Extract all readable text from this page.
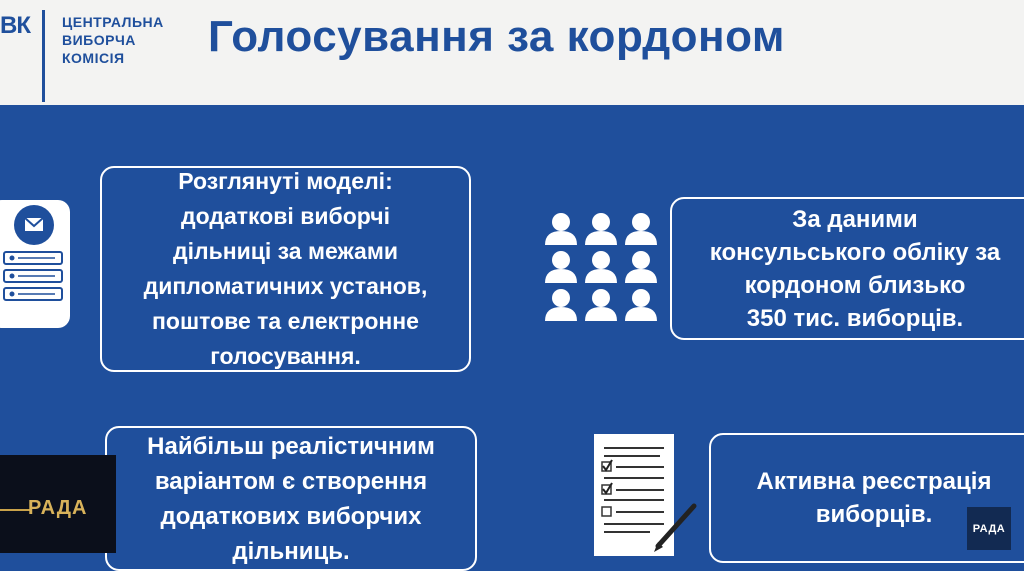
ВК ЦЕНТРАЛЬНА
ВИБОРЧА
КОМІСІЯ	Голосування за кордоном
Розглянуті моделі:
додаткові виборчі
дільниці за межами
дипломатичних установ,
поштове та електронне
голосування.
За даними
консульського обліку за
кордоном близько
350 тис. виборців.
Найбільш реалістичним
варіантом є створення
додаткових виборчих
дільниць.
Активна реєстрація
виборців.
РАДА
РАДА
